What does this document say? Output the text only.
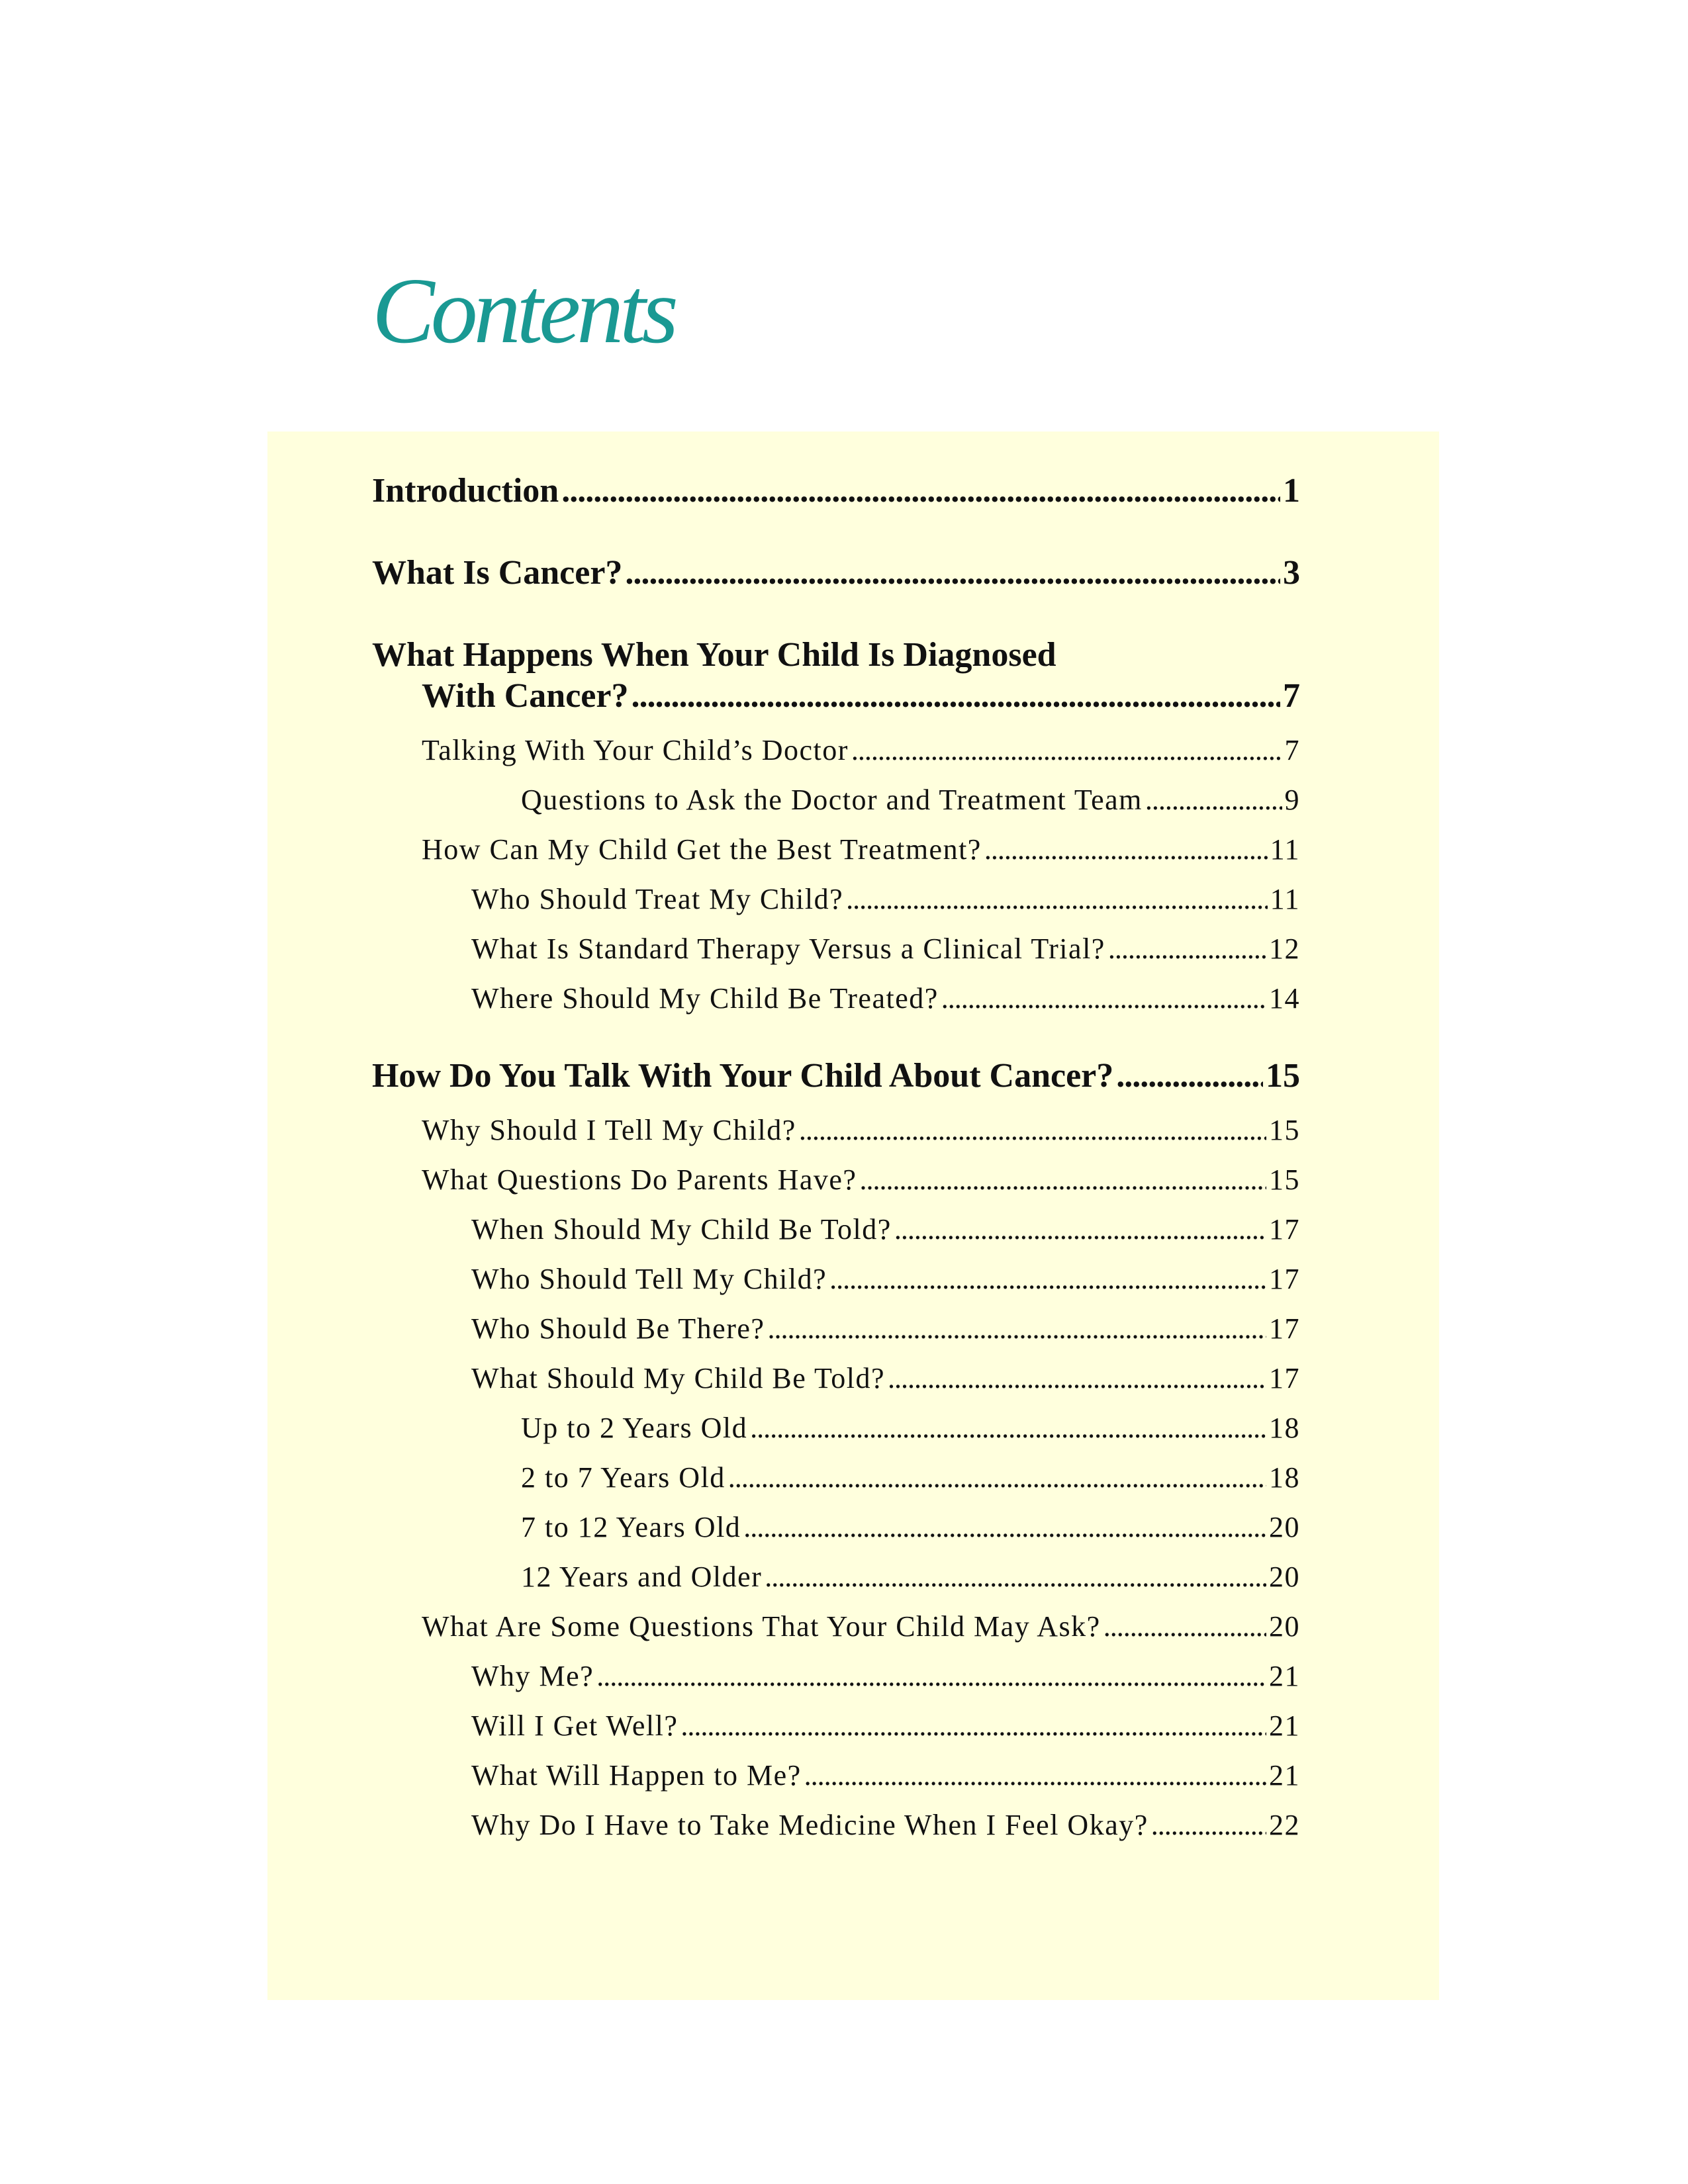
Contents
Introduction . . .	1
What Is Cancer? . . .	3
What Happens When Your Child Is Diagnosed
With Cancer? . . .	7
Talking With Your Child’s Doctor . . .	7
Questions to Ask the Doctor and Treatment Team . . .	9
How Can My Child Get the Best Treatment? . . .	11
Who Should Treat My Child? . . .	11
What Is Standard Therapy Versus a Clinical Trial? . . .	12
Where Should My Child Be Treated? . . .	14
How Do You Talk With Your Child About Cancer? . . .	15
Why Should I Tell My Child? . . .	15
What Questions Do Parents Have? . . .	15
When Should My Child Be Told? . . .	17
Who Should Tell My Child? . . .	17
Who Should Be There? . . .	17
What Should My Child Be Told? . . .	17
Up to 2 Years Old . . .	18
2 to 7 Years Old . . .	18
7 to 12 Years Old . . .	20
12 Years and Older . . .	20
What Are Some Questions That Your Child May Ask? . . .	20
Why Me? . . .	21
Will I Get Well? . . .	21
What Will Happen to Me? . . .	21
Why Do I Have to Take Medicine When I Feel Okay? . . .	22
